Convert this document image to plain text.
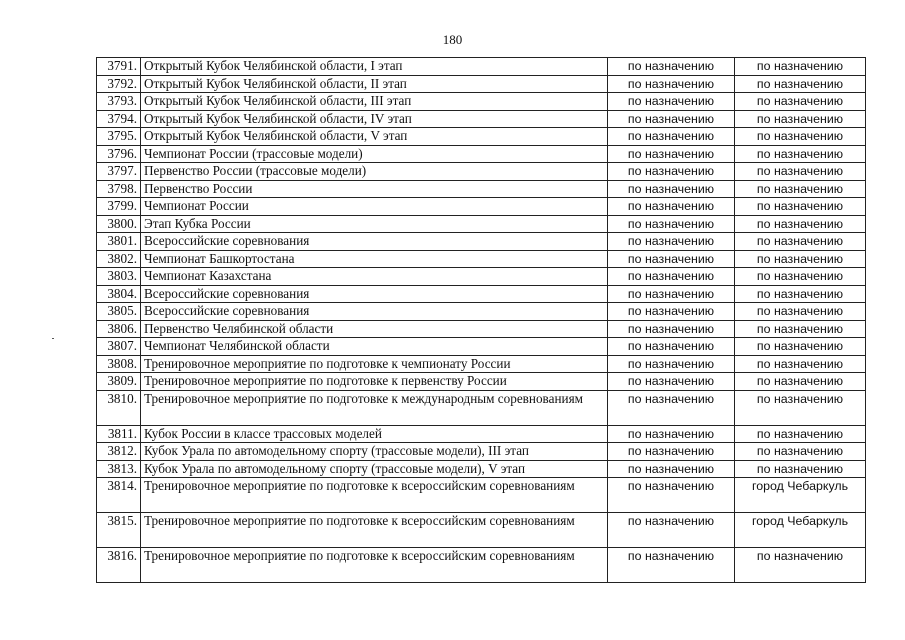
180
3791.	Открытый Кубок Челябинской области, I этап	по назначению	по назначению
3792.	Открытый Кубок Челябинской области, II этап	по назначению	по назначению
3793.	Открытый Кубок Челябинской области, III этап	по назначению	по назначению
3794.	Открытый Кубок Челябинской области, IV этап	по назначению	по назначению
3795.	Открытый Кубок Челябинской области, V этап	по назначению	по назначению
3796.	Чемпионат России (трассовые модели)	по назначению	по назначению
3797.	Первенство России (трассовые модели)	по назначению	по назначению
3798.	Первенство России	по назначению	по назначению
3799.	Чемпионат России	по назначению	по назначению
3800.	Этап Кубка России	по назначению	по назначению
3801.	Всероссийские соревнования	по назначению	по назначению
3802.	Чемпионат Башкортостана	по назначению	по назначению
3803.	Чемпионат Казахстана	по назначению	по назначению
3804.	Всероссийские соревнования	по назначению	по назначению
3805.	Всероссийские соревнования	по назначению	по назначению
3806.	Первенство Челябинской области	по назначению	по назначению
3807.	Чемпионат Челябинской области	по назначению	по назначению
3808.	Тренировочное мероприятие по подготовке к чемпионату России	по назначению	по назначению
3809.	Тренировочное мероприятие по подготовке к первенству России	по назначению	по назначению
3810.	Тренировочное мероприятие по подготовке к международным соревнованиям	по назначению	по назначению
3811.	Кубок России в классе трассовых моделей	по назначению	по назначению
3812.	Кубок Урала по автомодельному спорту (трассовые модели), III этап	по назначению	по назначению
3813.	Кубок Урала по автомодельному спорту (трассовые модели), V этап	по назначению	по назначению
3814.	Тренировочное мероприятие по подготовке к всероссийским соревнованиям	по назначению	город Чебаркуль
3815.	Тренировочное мероприятие по подготовке к всероссийским соревнованиям	по назначению	город Чебаркуль
3816.	Тренировочное мероприятие по подготовке к всероссийским соревнованиям	по назначению	по назначению
